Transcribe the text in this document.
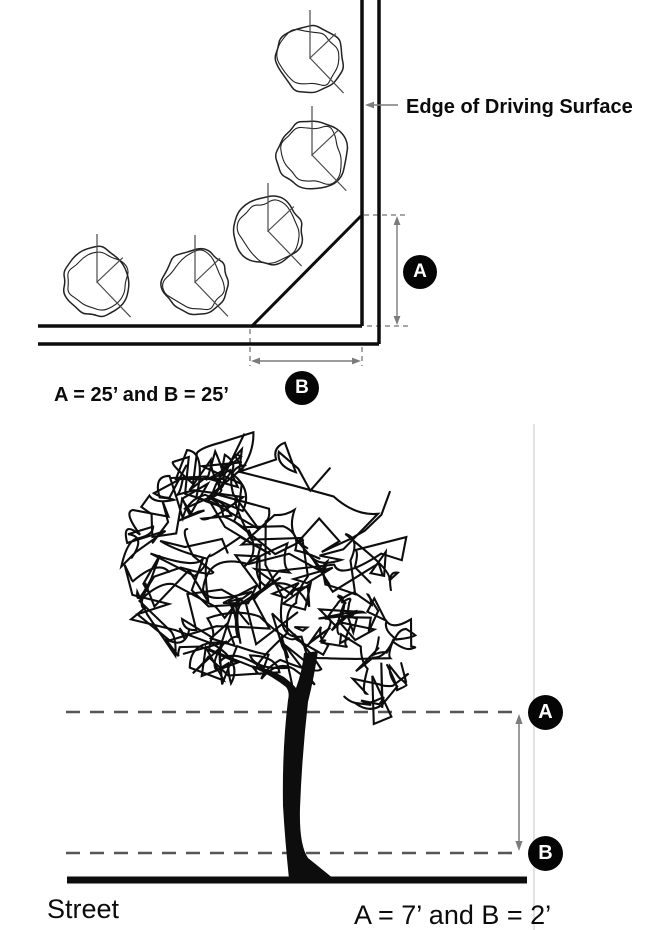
Edge of Driving Surface
A = 25’ and B = 25’
A
B
Street	A = 7’ and B = 2’
A
B
